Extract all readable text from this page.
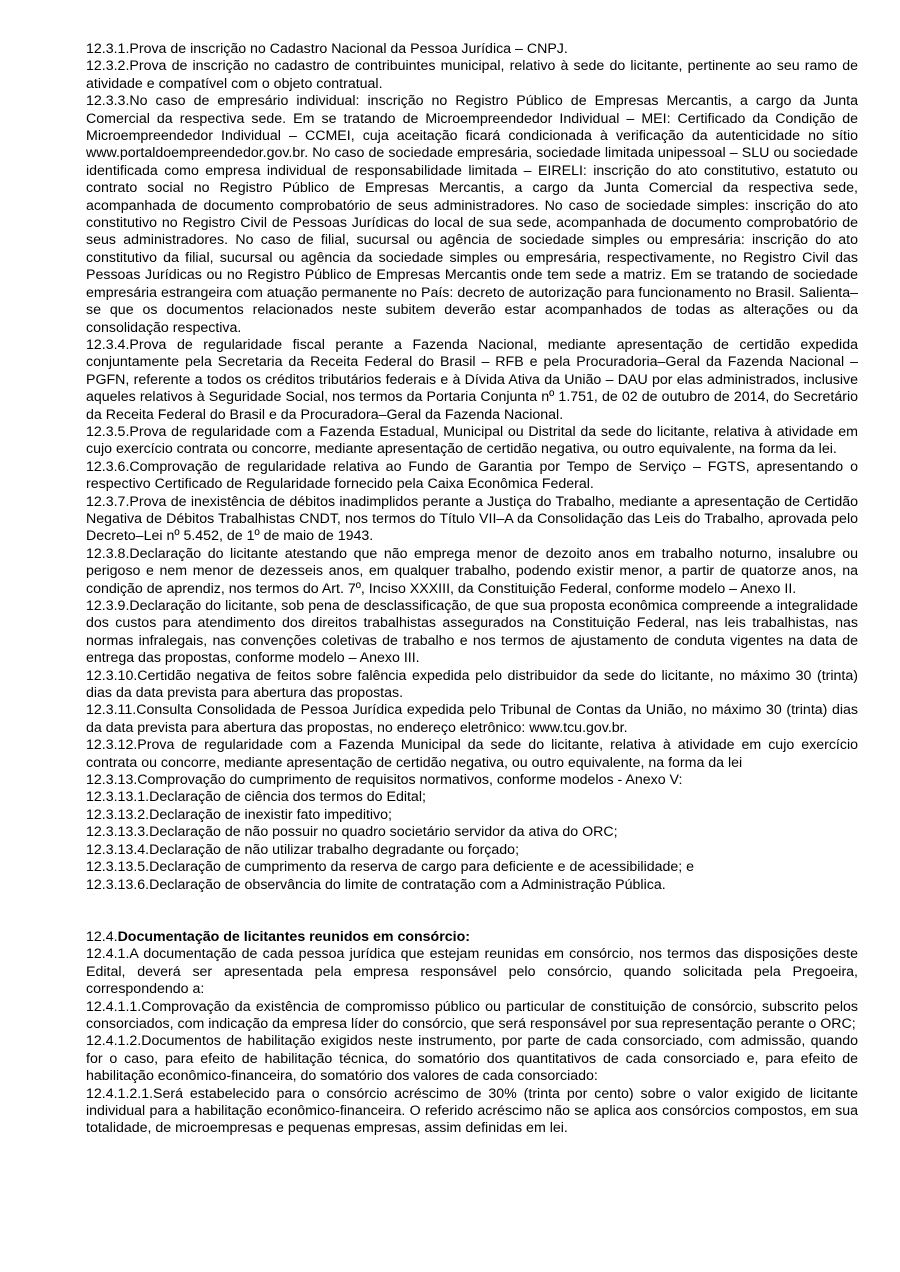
12.3.1.Prova de inscrição no Cadastro Nacional da Pessoa Jurídica – CNPJ.

12.3.2.Prova de inscrição no cadastro de contribuintes municipal, relativo à sede do licitante, pertinente ao seu ramo de atividade e compatível com o objeto contratual.

12.3.3.No caso de empresário individual: inscrição no Registro Público de Empresas Mercantis, a cargo da Junta Comercial da respectiva sede. Em se tratando de Microempreendedor Individual – MEI: Certificado da Condição de Microempreendedor Individual – CCMEI, cuja aceitação ficará condicionada à verificação da autenticidade no sítio www.portaldoempreendedor.gov.br. No caso de sociedade empresária, sociedade limitada unipessoal – SLU ou sociedade identificada como empresa individual de responsabilidade limitada – EIRELI: inscrição do ato constitutivo, estatuto ou contrato social no Registro Público de Empresas Mercantis, a cargo da Junta Comercial da respectiva sede, acompanhada de documento comprobatório de seus administradores. No caso de sociedade simples: inscrição do ato constitutivo no Registro Civil de Pessoas Jurídicas do local de sua sede, acompanhada de documento comprobatório de seus administradores. No caso de filial, sucursal ou agência de sociedade simples ou empresária: inscrição do ato constitutivo da filial, sucursal ou agência da sociedade simples ou empresária, respectivamente, no Registro Civil das Pessoas Jurídicas ou no Registro Público de Empresas Mercantis onde tem sede a matriz. Em se tratando de sociedade empresária estrangeira com atuação permanente no País: decreto de autorização para funcionamento no Brasil. Salienta–se que os documentos relacionados neste subitem deverão estar acompanhados de todas as alterações ou da consolidação respectiva.

12.3.4.Prova de regularidade fiscal perante a Fazenda Nacional, mediante apresentação de certidão expedida conjuntamente pela Secretaria da Receita Federal do Brasil – RFB e pela Procuradoria–Geral da Fazenda Nacional – PGFN, referente a todos os créditos tributários federais e à Dívida Ativa da União – DAU por elas administrados, inclusive aqueles relativos à Seguridade Social, nos termos da Portaria Conjunta nº 1.751, de 02 de outubro de 2014, do Secretário da Receita Federal do Brasil e da Procuradora–Geral da Fazenda Nacional.

12.3.5.Prova de regularidade com a Fazenda Estadual, Municipal ou Distrital da sede do licitante, relativa à atividade em cujo exercício contrata ou concorre, mediante apresentação de certidão negativa, ou outro equivalente, na forma da lei.

12.3.6.Comprovação de regularidade relativa ao Fundo de Garantia por Tempo de Serviço – FGTS, apresentando o respectivo Certificado de Regularidade fornecido pela Caixa Econômica Federal.

12.3.7.Prova de inexistência de débitos inadimplidos perante a Justiça do Trabalho, mediante a apresentação de Certidão Negativa de Débitos Trabalhistas CNDT, nos termos do Título VII–A da Consolidação das Leis do Trabalho, aprovada pelo Decreto–Lei nº 5.452, de 1º de maio de 1943.

12.3.8.Declaração do licitante atestando que não emprega menor de dezoito anos em trabalho noturno, insalubre ou perigoso e nem menor de dezesseis anos, em qualquer trabalho, podendo existir menor, a partir de quatorze anos, na condição de aprendiz, nos termos do Art. 7º, Inciso XXXIII, da Constituição Federal, conforme modelo – Anexo II.

12.3.9.Declaração do licitante, sob pena de desclassificação, de que sua proposta econômica compreende a integralidade dos custos para atendimento dos direitos trabalhistas assegurados na Constituição Federal, nas leis trabalhistas, nas normas infralegais, nas convenções coletivas de trabalho e nos termos de ajustamento de conduta vigentes na data de entrega das propostas, conforme modelo – Anexo III.

12.3.10.Certidão negativa de feitos sobre falência expedida pelo distribuidor da sede do licitante, no máximo 30 (trinta) dias da data prevista para abertura das propostas.

12.3.11.Consulta Consolidada de Pessoa Jurídica expedida pelo Tribunal de Contas da União, no máximo 30 (trinta) dias da data prevista para abertura das propostas, no endereço eletrônico: www.tcu.gov.br.

12.3.12.Prova de regularidade com a Fazenda Municipal da sede do licitante, relativa à atividade em cujo exercício contrata ou concorre, mediante apresentação de certidão negativa, ou outro equivalente, na forma da lei

12.3.13.Comprovação do cumprimento de requisitos normativos, conforme modelos - Anexo V:

12.3.13.1.Declaração de ciência dos termos do Edital;

12.3.13.2.Declaração de inexistir fato impeditivo;

12.3.13.3.Declaração de não possuir no quadro societário servidor da ativa do ORC;

12.3.13.4.Declaração de não utilizar trabalho degradante ou forçado;

12.3.13.5.Declaração de cumprimento da reserva de cargo para deficiente e de acessibilidade; e

12.3.13.6.Declaração de observância do limite de contratação com a Administração Pública.

12.4.Documentação de licitantes reunidos em consórcio:

12.4.1.A documentação de cada pessoa jurídica que estejam reunidas em consórcio, nos termos das disposições deste Edital, deverá ser apresentada pela empresa responsável pelo consórcio, quando solicitada pela Pregoeira, correspondendo a:

12.4.1.1.Comprovação da existência de compromisso público ou particular de constituição de consórcio, subscrito pelos consorciados, com indicação da empresa líder do consórcio, que será responsável por sua representação perante o ORC;

12.4.1.2.Documentos de habilitação exigidos neste instrumento, por parte de cada consorciado, com admissão, quando for o caso, para efeito de habilitação técnica, do somatório dos quantitativos de cada consorciado e, para efeito de habilitação econômico-financeira, do somatório dos valores de cada consorciado:

12.4.1.2.1.Será estabelecido para o consórcio acréscimo de 30% (trinta por cento) sobre o valor exigido de licitante individual para a habilitação econômico-financeira. O referido acréscimo não se aplica aos consórcios compostos, em sua totalidade, de microempresas e pequenas empresas, assim definidas em lei.
